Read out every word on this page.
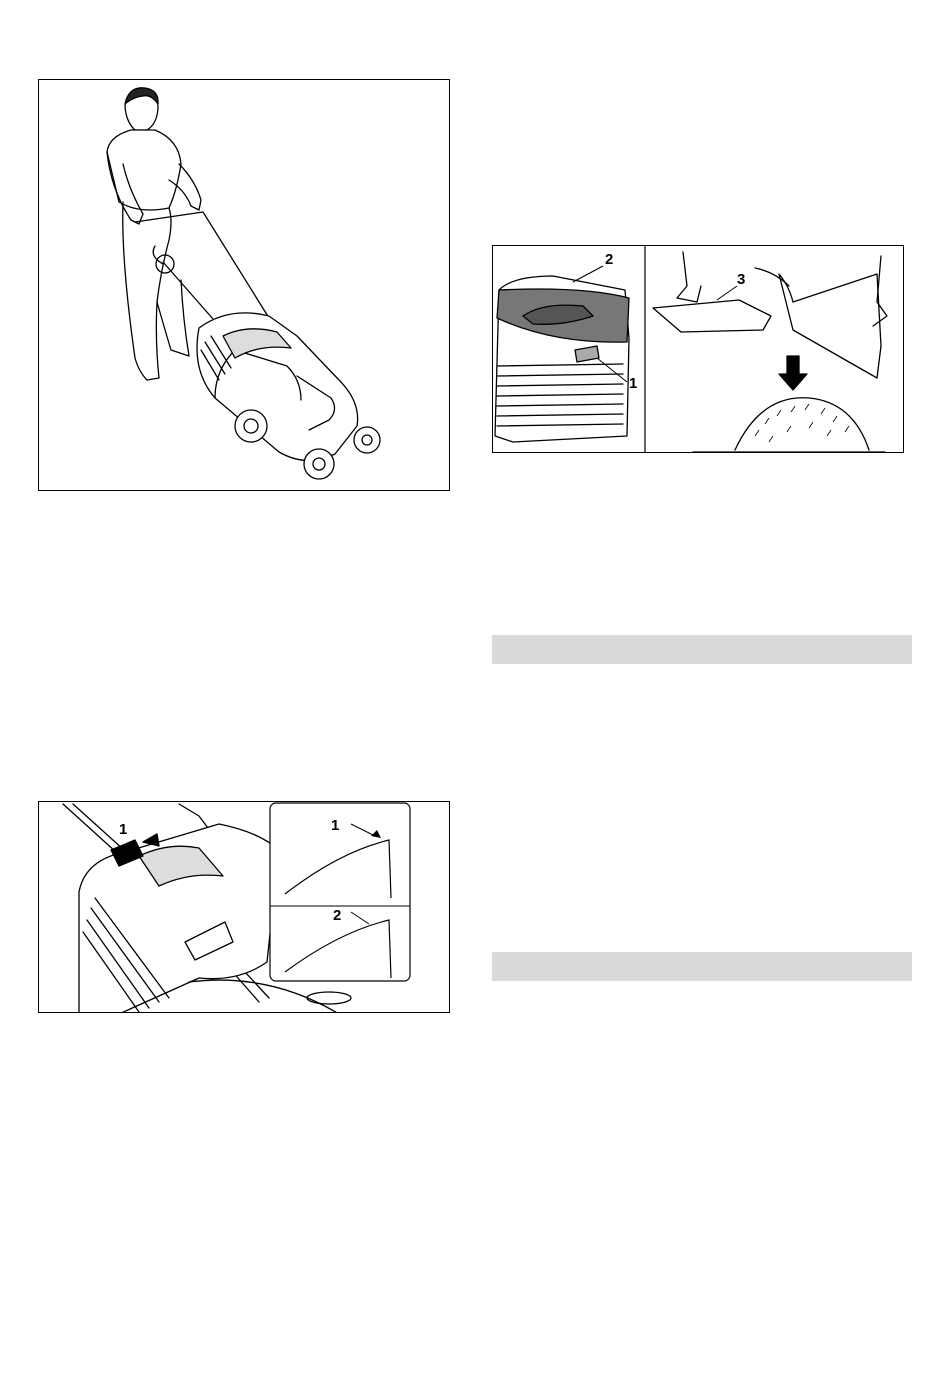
1	1
2
2
1
3
